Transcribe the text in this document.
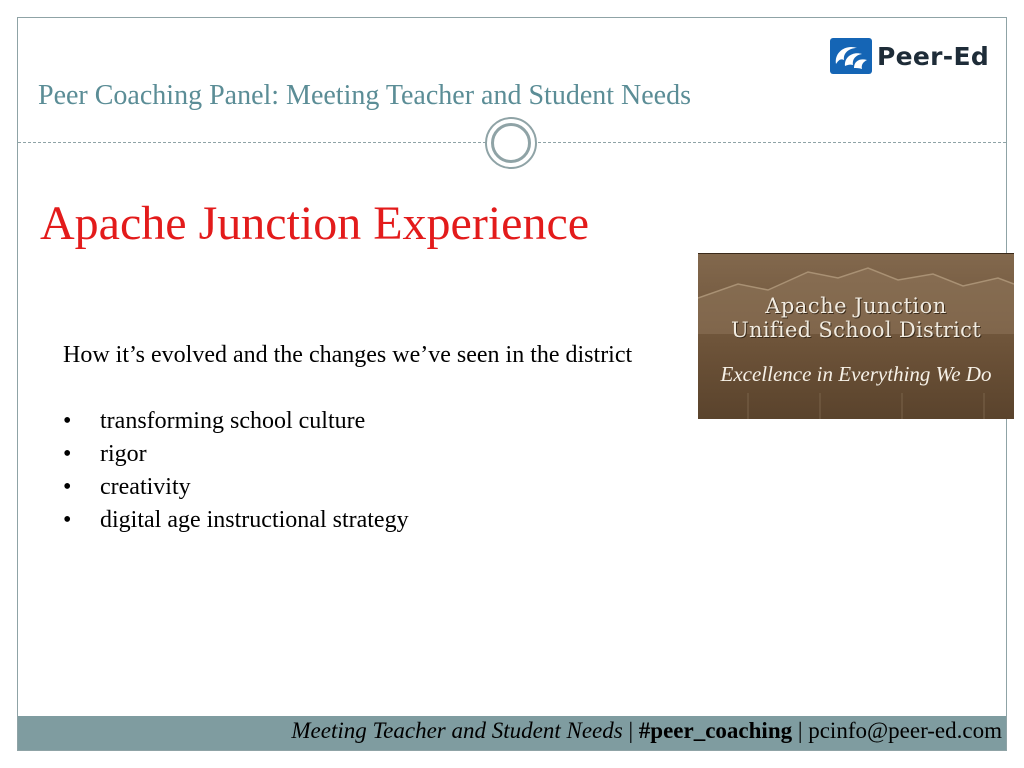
Peer-Ed
Peer Coaching Panel: Meeting Teacher and Student Needs
Apache Junction Experience
Apache Junction
Unified School District
Excellence in Everything We Do

How it’s evolved and the changes we’ve seen in the district

• transforming school culture
• rigor
• creativity
• digital age instructional strategy
Meeting Teacher and Student Needs | #peer_coaching | pcinfo@peer-ed.com
